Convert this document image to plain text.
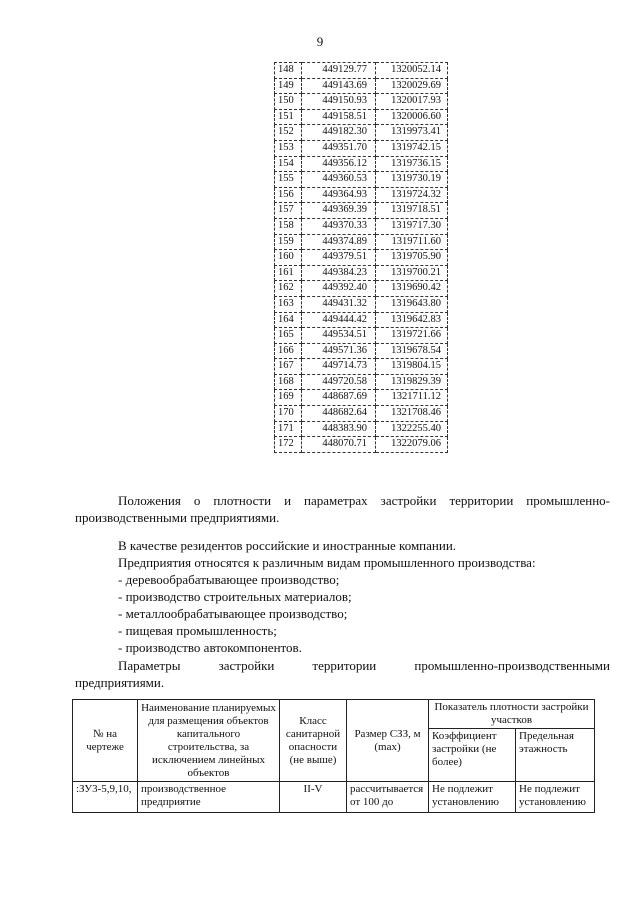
9
148	449129.77	1320052.14
149	449143.69	1320029.69
150	449150.93	1320017.93
151	449158.51	1320006.60
152	449182.30	1319973.41
153	449351.70	1319742.15
154	449356.12	1319736.15
155	449360.53	1319730.19
156	449364.93	1319724.32
157	449369.39	1319718.51
158	449370.33	1319717.30
159	449374.89	1319711.60
160	449379.51	1319705.90
161	449384.23	1319700.21
162	449392.40	1319690.42
163	449431.32	1319643.80
164	449444.42	1319642.83
165	449534.51	1319721.66
166	449571.36	1319678.54
167	449714.73	1319804.15
168	449720.58	1319829.39
169	448687.69	1321711.12
170	448682.64	1321708.46
171	448383.90	1322255.40
172	448070.71	1322079.06
Положения о плотности и параметрах застройки территории промышленно-
производственными предприятиями.
В качестве резидентов российские и иностранные компании.
Предприятия относятся к различным видам промышленного производства:
- деревообрабатывающее производство;
- производство строительных материалов;
- металлообрабатывающее производство;
- пищевая промышленность;
- производство автокомпонентов.
Параметры застройки территории промышленно-производственными
предприятиями.
№ на чертеже	Наименование планируемых для размещения объектов капитального строительства, за исключением линейных объектов	Класс санитарной опасности (не выше)	Размер СЗЗ, м (max)	Показатель плотности застройки участков	
				Коэффициент застройки (не более)	Предельная этажность
:ЗУ3-5,9,10,	производственное предприятие	II-V	рассчитывается от 100 до	Не подлежит установлению	Не подлежит установлению
